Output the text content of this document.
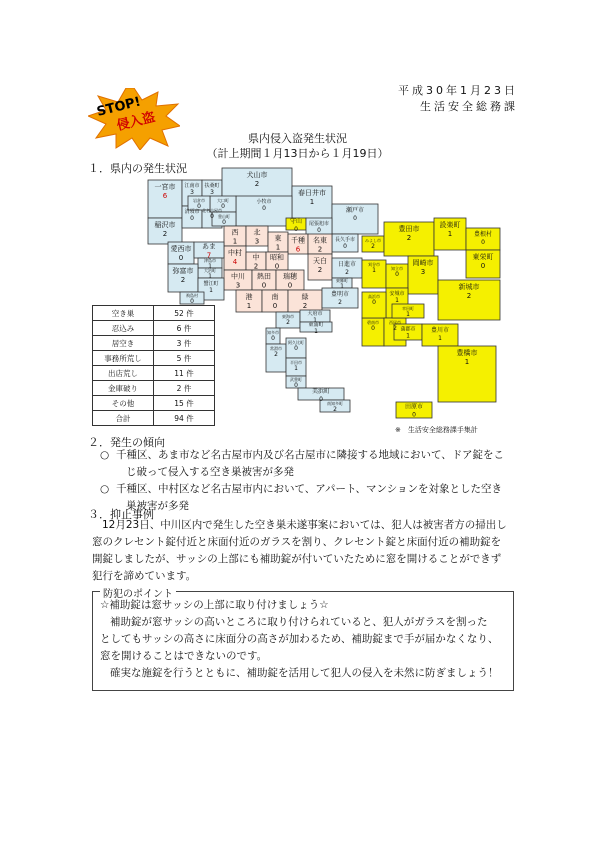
平成30年1月23日
生活安全総務課
STOP!
侵入盗
県内侵入盗発生状況
（計上期間１月13日から１月19日）
１．県内の発生状況
一宮市
6
江南市
3
扶桑町
3
犬山市
2
春日井市
1
稲沢市
2
清須市
0
北名古屋市
0
小牧市
0
大口町
0
豊山町
0
岩倉市
0
守山
0
瀬戸市
0
尾張旭市
0
長久手市
0
西
1
北
3 東
1
千種
6
名東
2
中村
4
中
2
昭和
0
天白
2
中川
3
熱田
0
瑞穂
0
港
1
南
0
緑
2
愛西市
0
あま
7
津島市
1
大治町
1
弥富市
2	蟹江町
1
飛島村
0
日進市
2
東郷町
1
豊明市
2
東海市
2
大府市
1
東浦町
1
知多市
0
常滑市
2
阿久比町
0
半田市
1
武豊町
0
美浜町
0
南知多町
2
みよし市
2
豊田市
2
設楽町
1	豊根村
0
東栄町
0
刈谷市
1	知立市
0
岡崎市
3
安城市
1
新城市
2
碧南市
0
高浜市
0
西尾市
2
幸田町
1
蒲郡市
1
豊川市
1
豊橋市
1
田原市
0
空き巣	52 件
忍込み	6 件
居空き	3 件
事務所荒し	5 件
出店荒し	11 件
金庫破り	2 件
その他	15 件
合計	94 件
※　生活安全総務課手集計
２．発生の傾向
○ 千種区、あま市など名古屋市内及び名古屋市に隣接する地域において、ドア錠をこ
じ破って侵入する空き巣被害が多発
○ 千種区、中村区など名古屋市内において、アパート、マンションを対象とした空き
巣被害が多発
３．抑止事例
12月23日、中川区内で発生した空き巣未遂事案においては、犯人は被害者方の掃出し
窓のクレセント錠付近と床面付近のガラスを割り、クレセント錠と床面付近の補助錠を
開錠しましたが、サッシの上部にも補助錠が付いていたために窓を開けることができず
犯行を諦めています。
防犯のポイント
☆補助錠は窓サッシの上部に取り付けましょう☆
補助錠が窓サッシの高いところに取り付けられていると、犯人がガラスを割った
としてもサッシの高さに床面分の高さが加わるため、補助錠まで手が届かなくなり、
窓を開けることはできないのです。
確実な施錠を行うとともに、補助錠を活用して犯人の侵入を未然に防ぎましょう！
